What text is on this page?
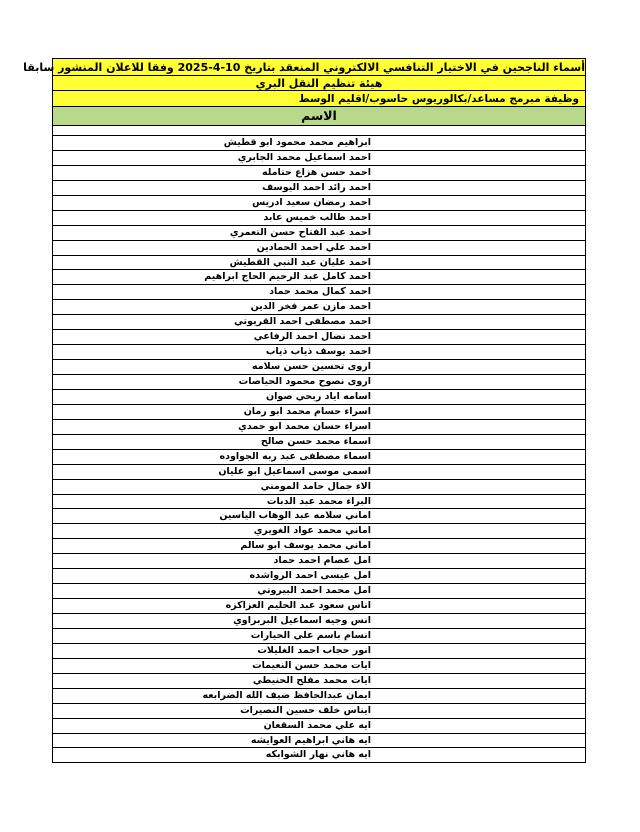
أسماء الناجحين في الاختيار التنافسي الالكتروني المنعقد بتاريخ 10-4-2025 وفقا للاعلان المنشور سابقا
هيئة تنظيم النقل البري
وظيفة مبرمج مساعد/بكالوريوس حاسوب/اقليم الوسط
الاسم
ابراهيم محمد محمود ابو قطيش
احمد اسماعيل محمد الجابري
احمد حسن هزاع حتامله
احمد رائد احمد اليوسف
احمد رمضان سعيد ادريس
احمد طالب خميس عابد
احمد عبد الفتاح حسن التعمري
احمد علي احمد الحمادين
احمد عليان عبد النبي القطيش
احمد كامل عبد الرحيم الحاج ابراهيم
احمد كمال محمد حماد
احمد مازن عمر فخر الدين
احمد مصطفى احمد القريوتي
احمد نضال احمد الرفاعي
احمد يوسف ذياب ذياب
اروى تحسين حسن سلامه
اروى نصوح محمود الحياصات
اسامه اياد ربحي صوان
اسراء حسام محمد ابو رمان
اسراء حسان محمد ابو حمدي
اسماء محمد حسن صالح
اسماء مصطفى عبد ربه الجواوده
اسمى موسى اسماعيل ابو عليان
الاء جمال حامد المومني
البراء محمد عبد الدبات
اماني سلامه عبد الوهاب الياسين
اماني محمد عواد الغويري
اماني محمد يوسف ابو سالم
امل عصام احمد حماد
امل عيسى احمد الرواشده
امل محمد احمد البيروتي
اناس سعود عبد الحليم العزاكزه
انس وجيه اسماعيل البربراوي
انسام باسم علي الحيارات
انور حجاب احمد الغليلات
ايات محمد حسن النعيمات
ايات محمد مفلح الحنيطي
ايمان عبدالحافظ ضيف الله الضرابعه
ايناس خلف حسين النصيرات
ايه علي محمد السقعان
ايه هاني ابراهيم العوايشه
ايه هاني نهار الشوابكه
